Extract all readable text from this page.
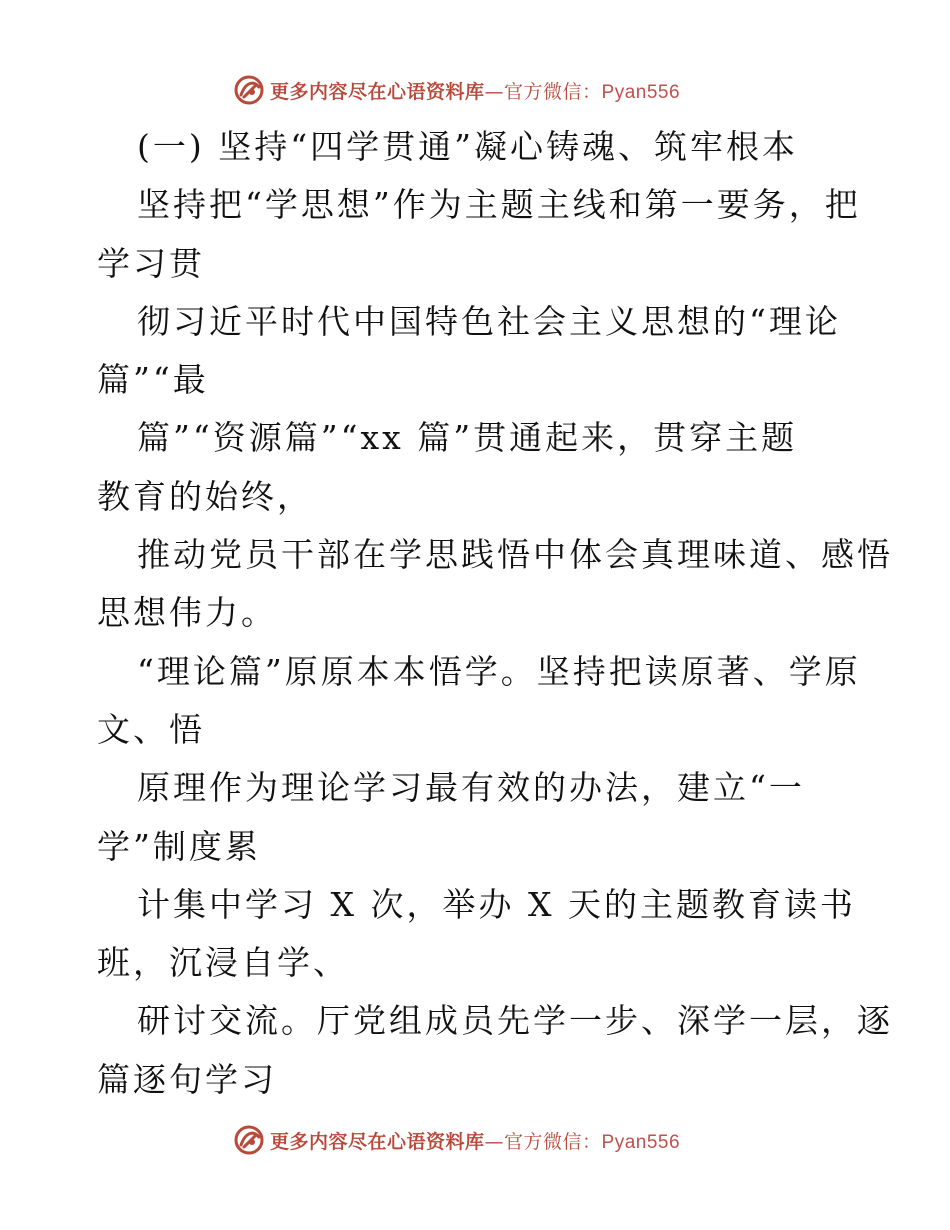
更多内容尽在心语资料库—官方微信：Pyan556
(一) 坚持“四学贯通”凝心铸魂、筑牢根本
坚持把“学思想”作为主题主线和第一要务，把
学习贯
彻习近平时代中国特色社会主义思想的“理论
篇”“最
篇”“资源篇”“xx 篇”贯通起来，贯穿主题
教育的始终，
推动党员干部在学思践悟中体会真理味道、感悟
思想伟力。
“理论篇”原原本本悟学。坚持把读原著、学原
文、悟
原理作为理论学习最有效的办法，建立“一
学”制度累
计集中学习 X 次，举办 X 天的主题教育读书
班，沉浸自学、
研讨交流。厅党组成员先学一步、深学一层，逐
篇逐句学习
更多内容尽在心语资料库—官方微信：Pyan556
